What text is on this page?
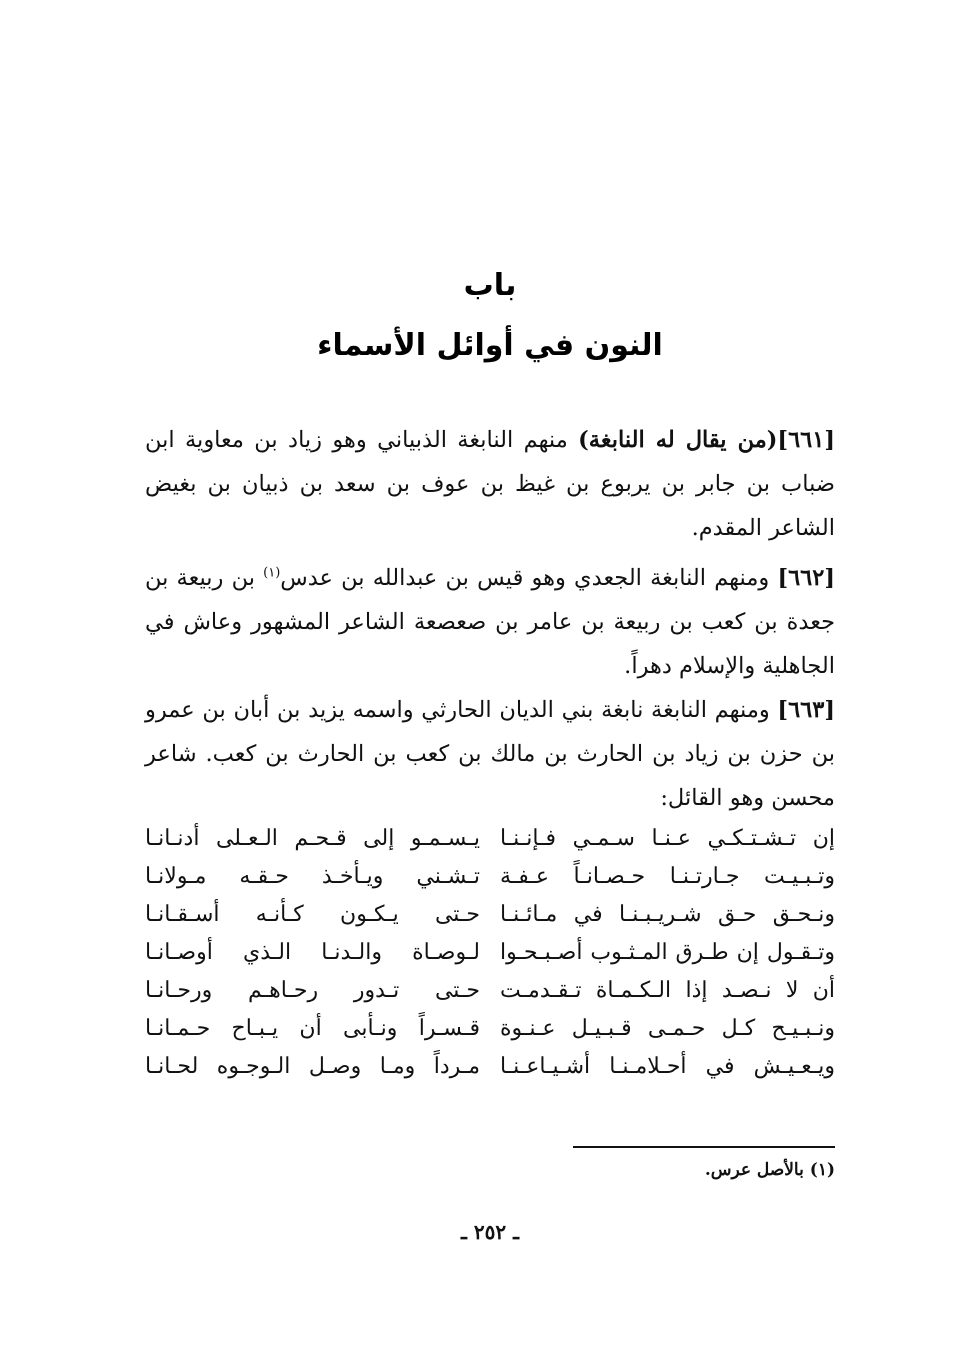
باب
النون في أوائل الأسماء
[٦٦١](من يقال له النابغة) منهم النابغة الذبياني وهو زياد بن معاوية ابن ضباب بن جابر بن يربوع بن غيظ بن عوف بن سعد بن ذبيان بن بغيض الشاعر المقدم.
[٦٦٢] ومنهم النابغة الجعدي وهو قيس بن عبدالله بن عدس$^{(١)}$ بن ربيعة بن جعدة بن كعب بن ربيعة بن عامر بن صعصعة الشاعر المشهور وعاش في الجاهلية والإسلام دهراً.
[٦٦٣] ومنهم النابغة نابغة بني الديان الحارثي واسمه يزيد بن أبان بن عمرو بن حزن بن زياد بن الحارث بن مالك بن كعب بن الحارث بن كعب. شاعر محسن وهو القائل:
إن تـشـتـكـي عـنـا سـمـي فـإنـنـا
يـسـمـو إلى قـحـم الـعـلى أدنـانـا
وتـبـيـت جـارتـنـا حـصـانـاً عـفـة
تـشـني ويـأخـذ حـقـه مـولانـا
ونـحـق حـق شـريـبـنـا في مـائـنـا
حـتى يـكـون كـأنـه أسـقـانـا
وتـقـول إن طـرق المـثـوب أصـبـحـوا
لـوصـاة والـدنـا الـذي أوصـانـا
أن لا نـصـد إذا الـكـمـاة تـقـدمـت
حـتى تـدور رحـاهـم ورحـانـا
ونـبـيـح كـل حـمـى قـبـيـل عـنـوة
قـسـراً ونـأبى أن يـبـاح حـمـانـا
ويـعـيـش في أحـلامـنـا أشـيـاعـنـا
مـرداً ومـا وصـل الـوجـوه لحـانـا
(١) بالأصل عرس.
ـ ٢٥٢ ـ
